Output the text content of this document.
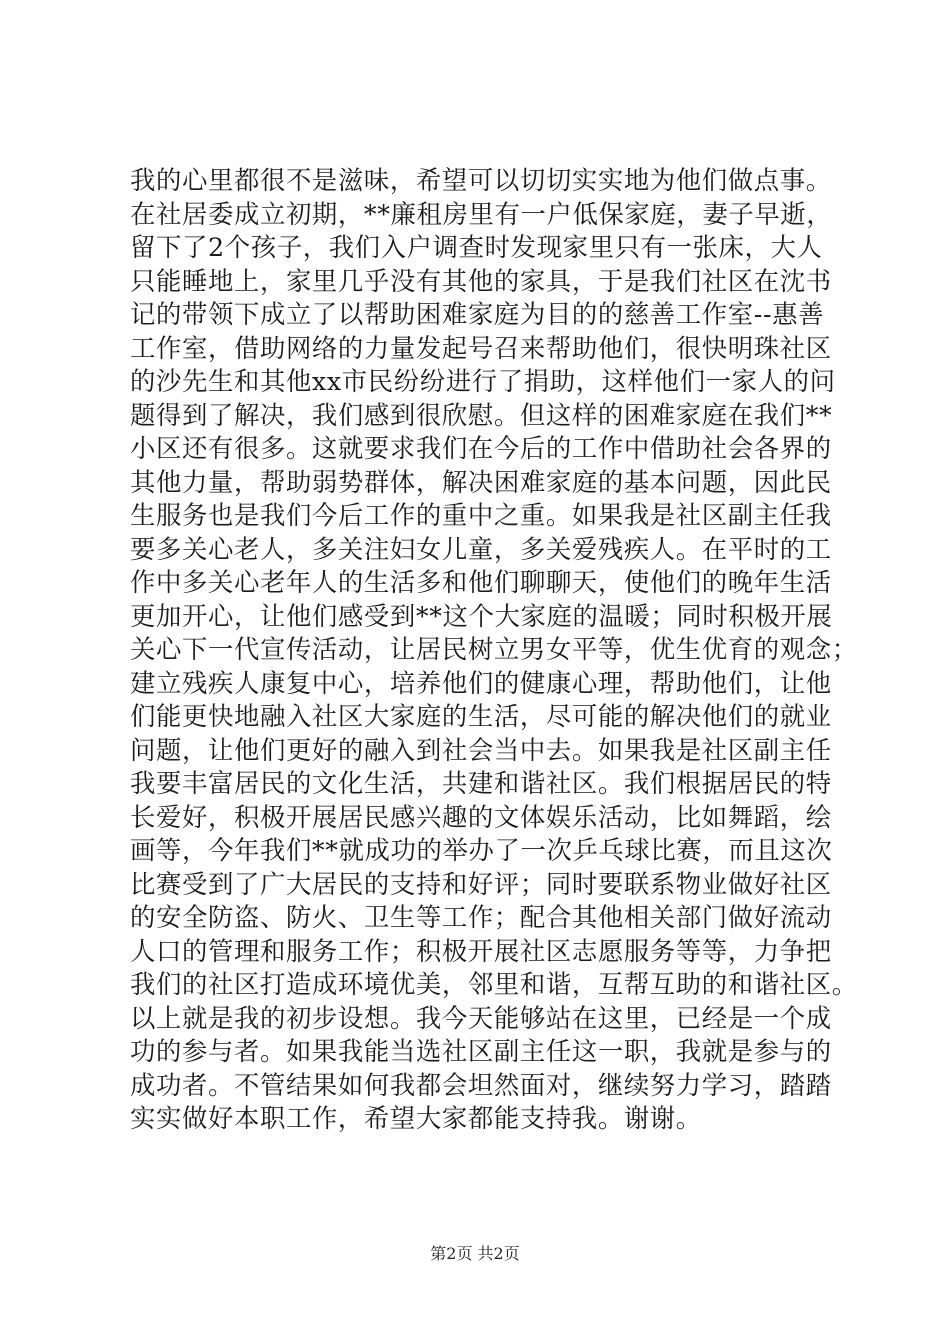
我的心里都很不是滋味，希望可以切切实实地为他们做点事。
在社居委成立初期，**廉租房里有一户低保家庭，妻子早逝，
留下了2个孩子，我们入户调查时发现家里只有一张床，大人
只能睡地上，家里几乎没有其他的家具，于是我们社区在沈书
记的带领下成立了以帮助困难家庭为目的的慈善工作室--惠善
工作室，借助网络的力量发起号召来帮助他们，很快明珠社区
的沙先生和其他xx市民纷纷进行了捐助，这样他们一家人的问
题得到了解决，我们感到很欣慰。但这样的困难家庭在我们**
小区还有很多。这就要求我们在今后的工作中借助社会各界的
其他力量，帮助弱势群体，解决困难家庭的基本问题，因此民
生服务也是我们今后工作的重中之重。如果我是社区副主任我
要多关心老人，多关注妇女儿童，多关爱残疾人。在平时的工
作中多关心老年人的生活多和他们聊聊天，使他们的晚年生活
更加开心，让他们感受到**这个大家庭的温暖；同时积极开展
关心下一代宣传活动，让居民树立男女平等，优生优育的观念；
建立残疾人康复中心，培养他们的健康心理，帮助他们，让他
们能更快地融入社区大家庭的生活，尽可能的解决他们的就业
问题，让他们更好的融入到社会当中去。如果我是社区副主任
我要丰富居民的文化生活，共建和谐社区。我们根据居民的特
长爱好，积极开展居民感兴趣的文体娱乐活动，比如舞蹈，绘
画等，今年我们**就成功的举办了一次乒乓球比赛，而且这次
比赛受到了广大居民的支持和好评；同时要联系物业做好社区
的安全防盗、防火、卫生等工作；配合其他相关部门做好流动
人口的管理和服务工作；积极开展社区志愿服务等等，力争把
我们的社区打造成环境优美，邻里和谐，互帮互助的和谐社区。
以上就是我的初步设想。我今天能够站在这里，已经是一个成
功的参与者。如果我能当选社区副主任这一职，我就是参与的
成功者。不管结果如何我都会坦然面对，继续努力学习，踏踏
实实做好本职工作，希望大家都能支持我。谢谢。
第2页 共2页
